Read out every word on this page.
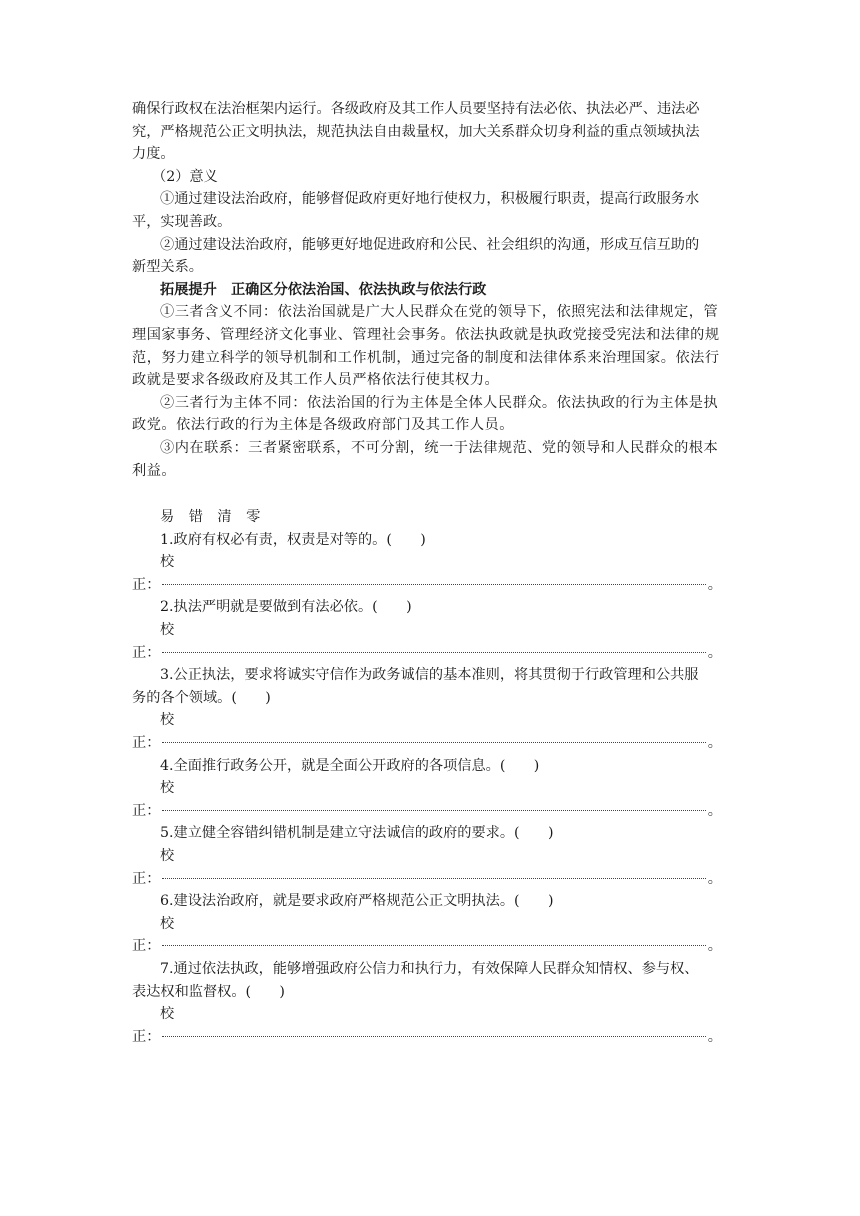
确保行政权在法治框架内运行。各级政府及其工作人员要坚持有法必依、执法必严、违法必
究，严格规范公正文明执法，规范执法自由裁量权，加大关系群众切身利益的重点领域执法
力度。
（2）意义
①通过建设法治政府，能够督促政府更好地行使权力，积极履行职责，提高行政服务水
平，实现善政。
②通过建设法治政府，能够更好地促进政府和公民、社会组织的沟通，形成互信互助的
新型关系。
拓展提升　正确区分依法治国、依法执政与依法行政
①三者含义不同：依法治国就是广大人民群众在党的领导下，依照宪法和法律规定，管
理国家事务、管理经济文化事业、管理社会事务。依法执政就是执政党接受宪法和法律的规
范，努力建立科学的领导机制和工作机制，通过完备的制度和法律体系来治理国家。依法行
政就是要求各级政府及其工作人员严格依法行使其权力。
②三者行为主体不同：依法治国的行为主体是全体人民群众。依法执政的行为主体是执
政党。依法行政的行为主体是各级政府部门及其工作人员。
③内在联系：三者紧密联系，不可分割，统一于法律规范、党的领导和人民群众的根本
利益。
易 错 清 零
1.政府有权必有责，权责是对等的。(　　)
校
正：	。
2.执法严明就是要做到有法必依。(　　)
校
正：	。
3.公正执法，要求将诚实守信作为政务诚信的基本准则，将其贯彻于行政管理和公共服
务的各个领域。(　　)
校
正：	。
4.全面推行政务公开，就是全面公开政府的各项信息。(　　)
校
正：	。
5.建立健全容错纠错机制是建立守法诚信的政府的要求。(　　)
校
正：	。
6.建设法治政府，就是要求政府严格规范公正文明执法。(　　)
校
正：	。
7.通过依法执政，能够增强政府公信力和执行力，有效保障人民群众知情权、参与权、
表达权和监督权。(　　)
校
正：	。
